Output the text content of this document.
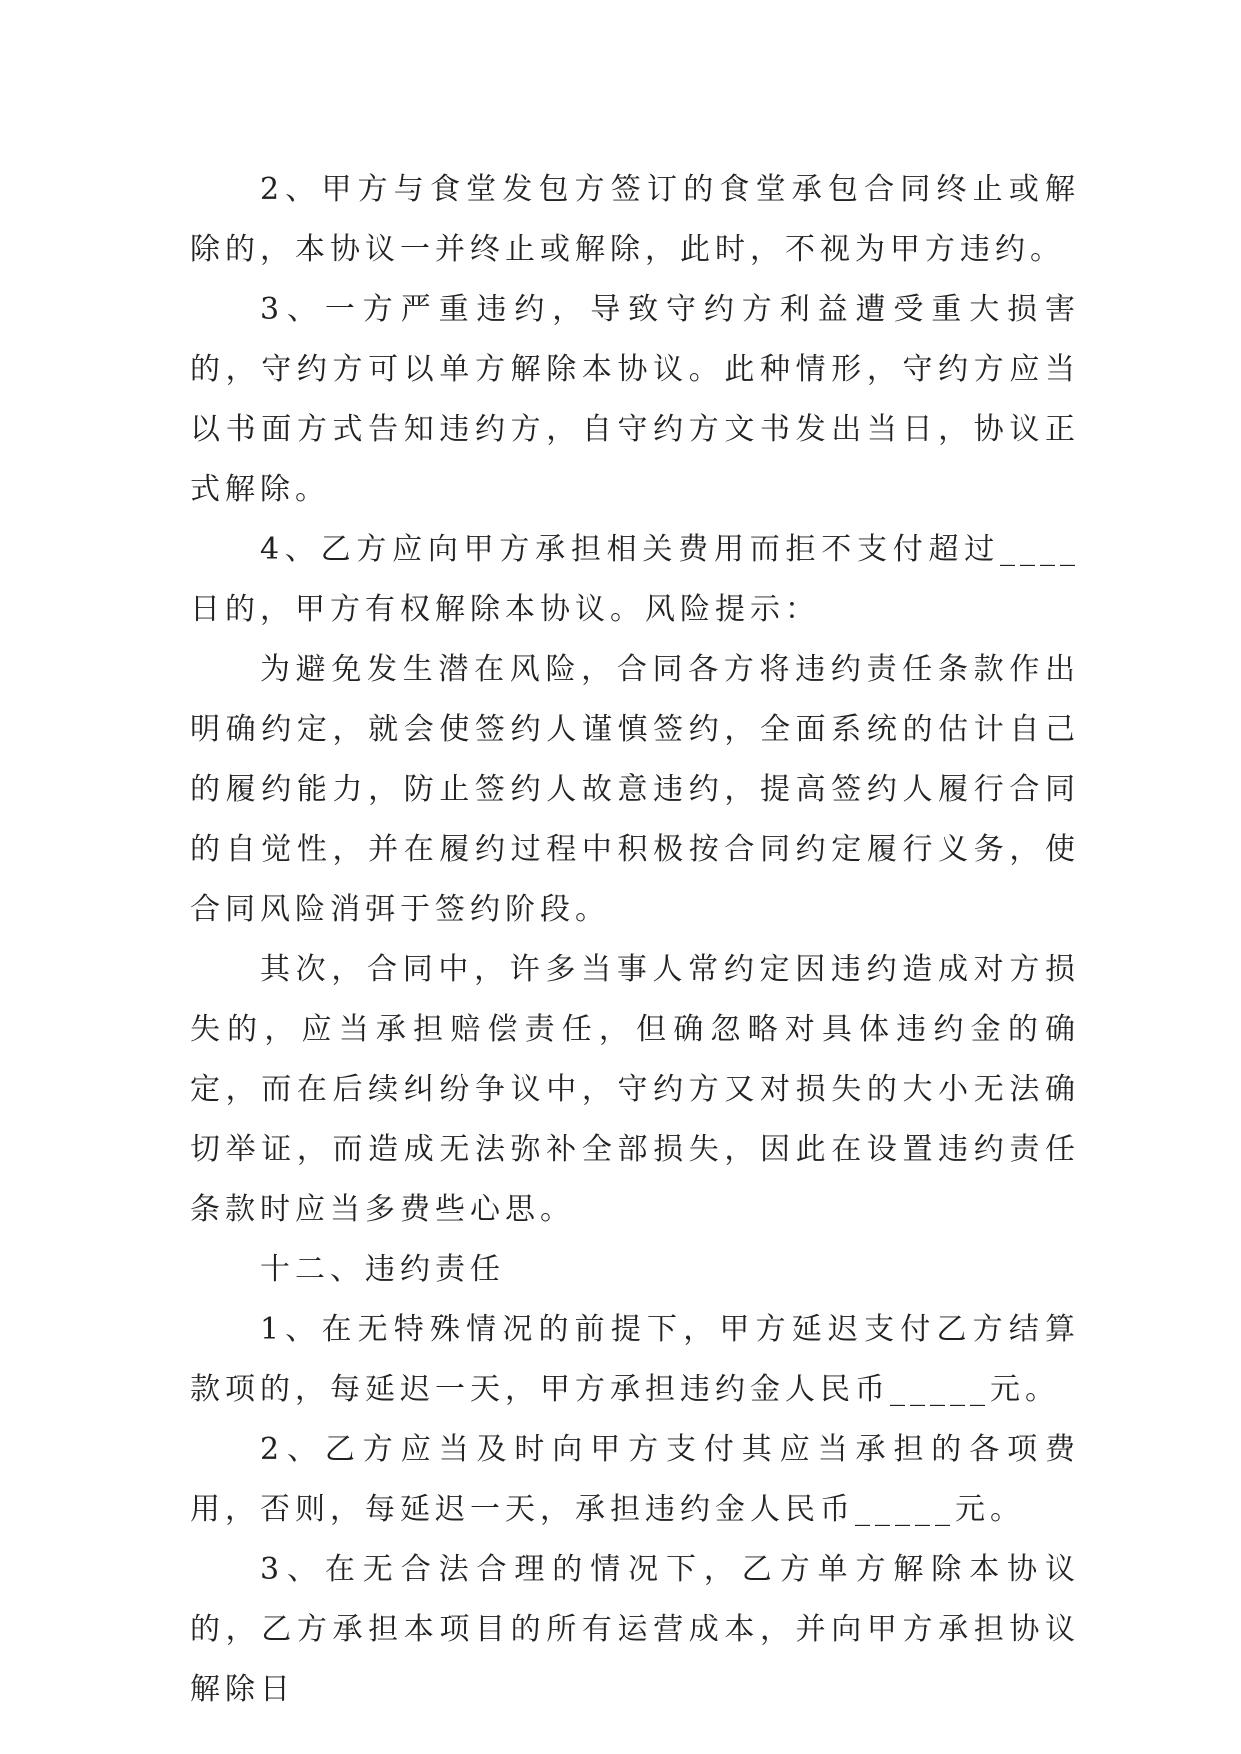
2、甲方与食堂发包方签订的食堂承包合同终止或解除的，本协议一并终止或解除，此时，不视为甲方违约。

3、一方严重违约，导致守约方利益遭受重大损害的，守约方可以单方解除本协议。此种情形，守约方应当以书面方式告知违约方，自守约方文书发出当日，协议正式解除。

4、乙方应向甲方承担相关费用而拒不支付超过____日的，甲方有权解除本协议。风险提示：

为避免发生潜在风险，合同各方将违约责任条款作出明确约定，就会使签约人谨慎签约，全面系统的估计自己的履约能力，防止签约人故意违约，提高签约人履行合同的自觉性，并在履约过程中积极按合同约定履行义务，使合同风险消弭于签约阶段。

其次，合同中，许多当事人常约定因违约造成对方损失的，应当承担赔偿责任，但确忽略对具体违约金的确定，而在后续纠纷争议中，守约方又对损失的大小无法确切举证，而造成无法弥补全部损失，因此在设置违约责任条款时应当多费些心思。

十二、违约责任

1、在无特殊情况的前提下，甲方延迟支付乙方结算款项的，每延迟一天，甲方承担违约金人民币_____元。

2、乙方应当及时向甲方支付其应当承担的各项费用，否则，每延迟一天，承担违约金人民币_____元。

3、在无合法合理的情况下，乙方单方解除本协议的，乙方承担本项目的所有运营成本，并向甲方承担协议解除日
